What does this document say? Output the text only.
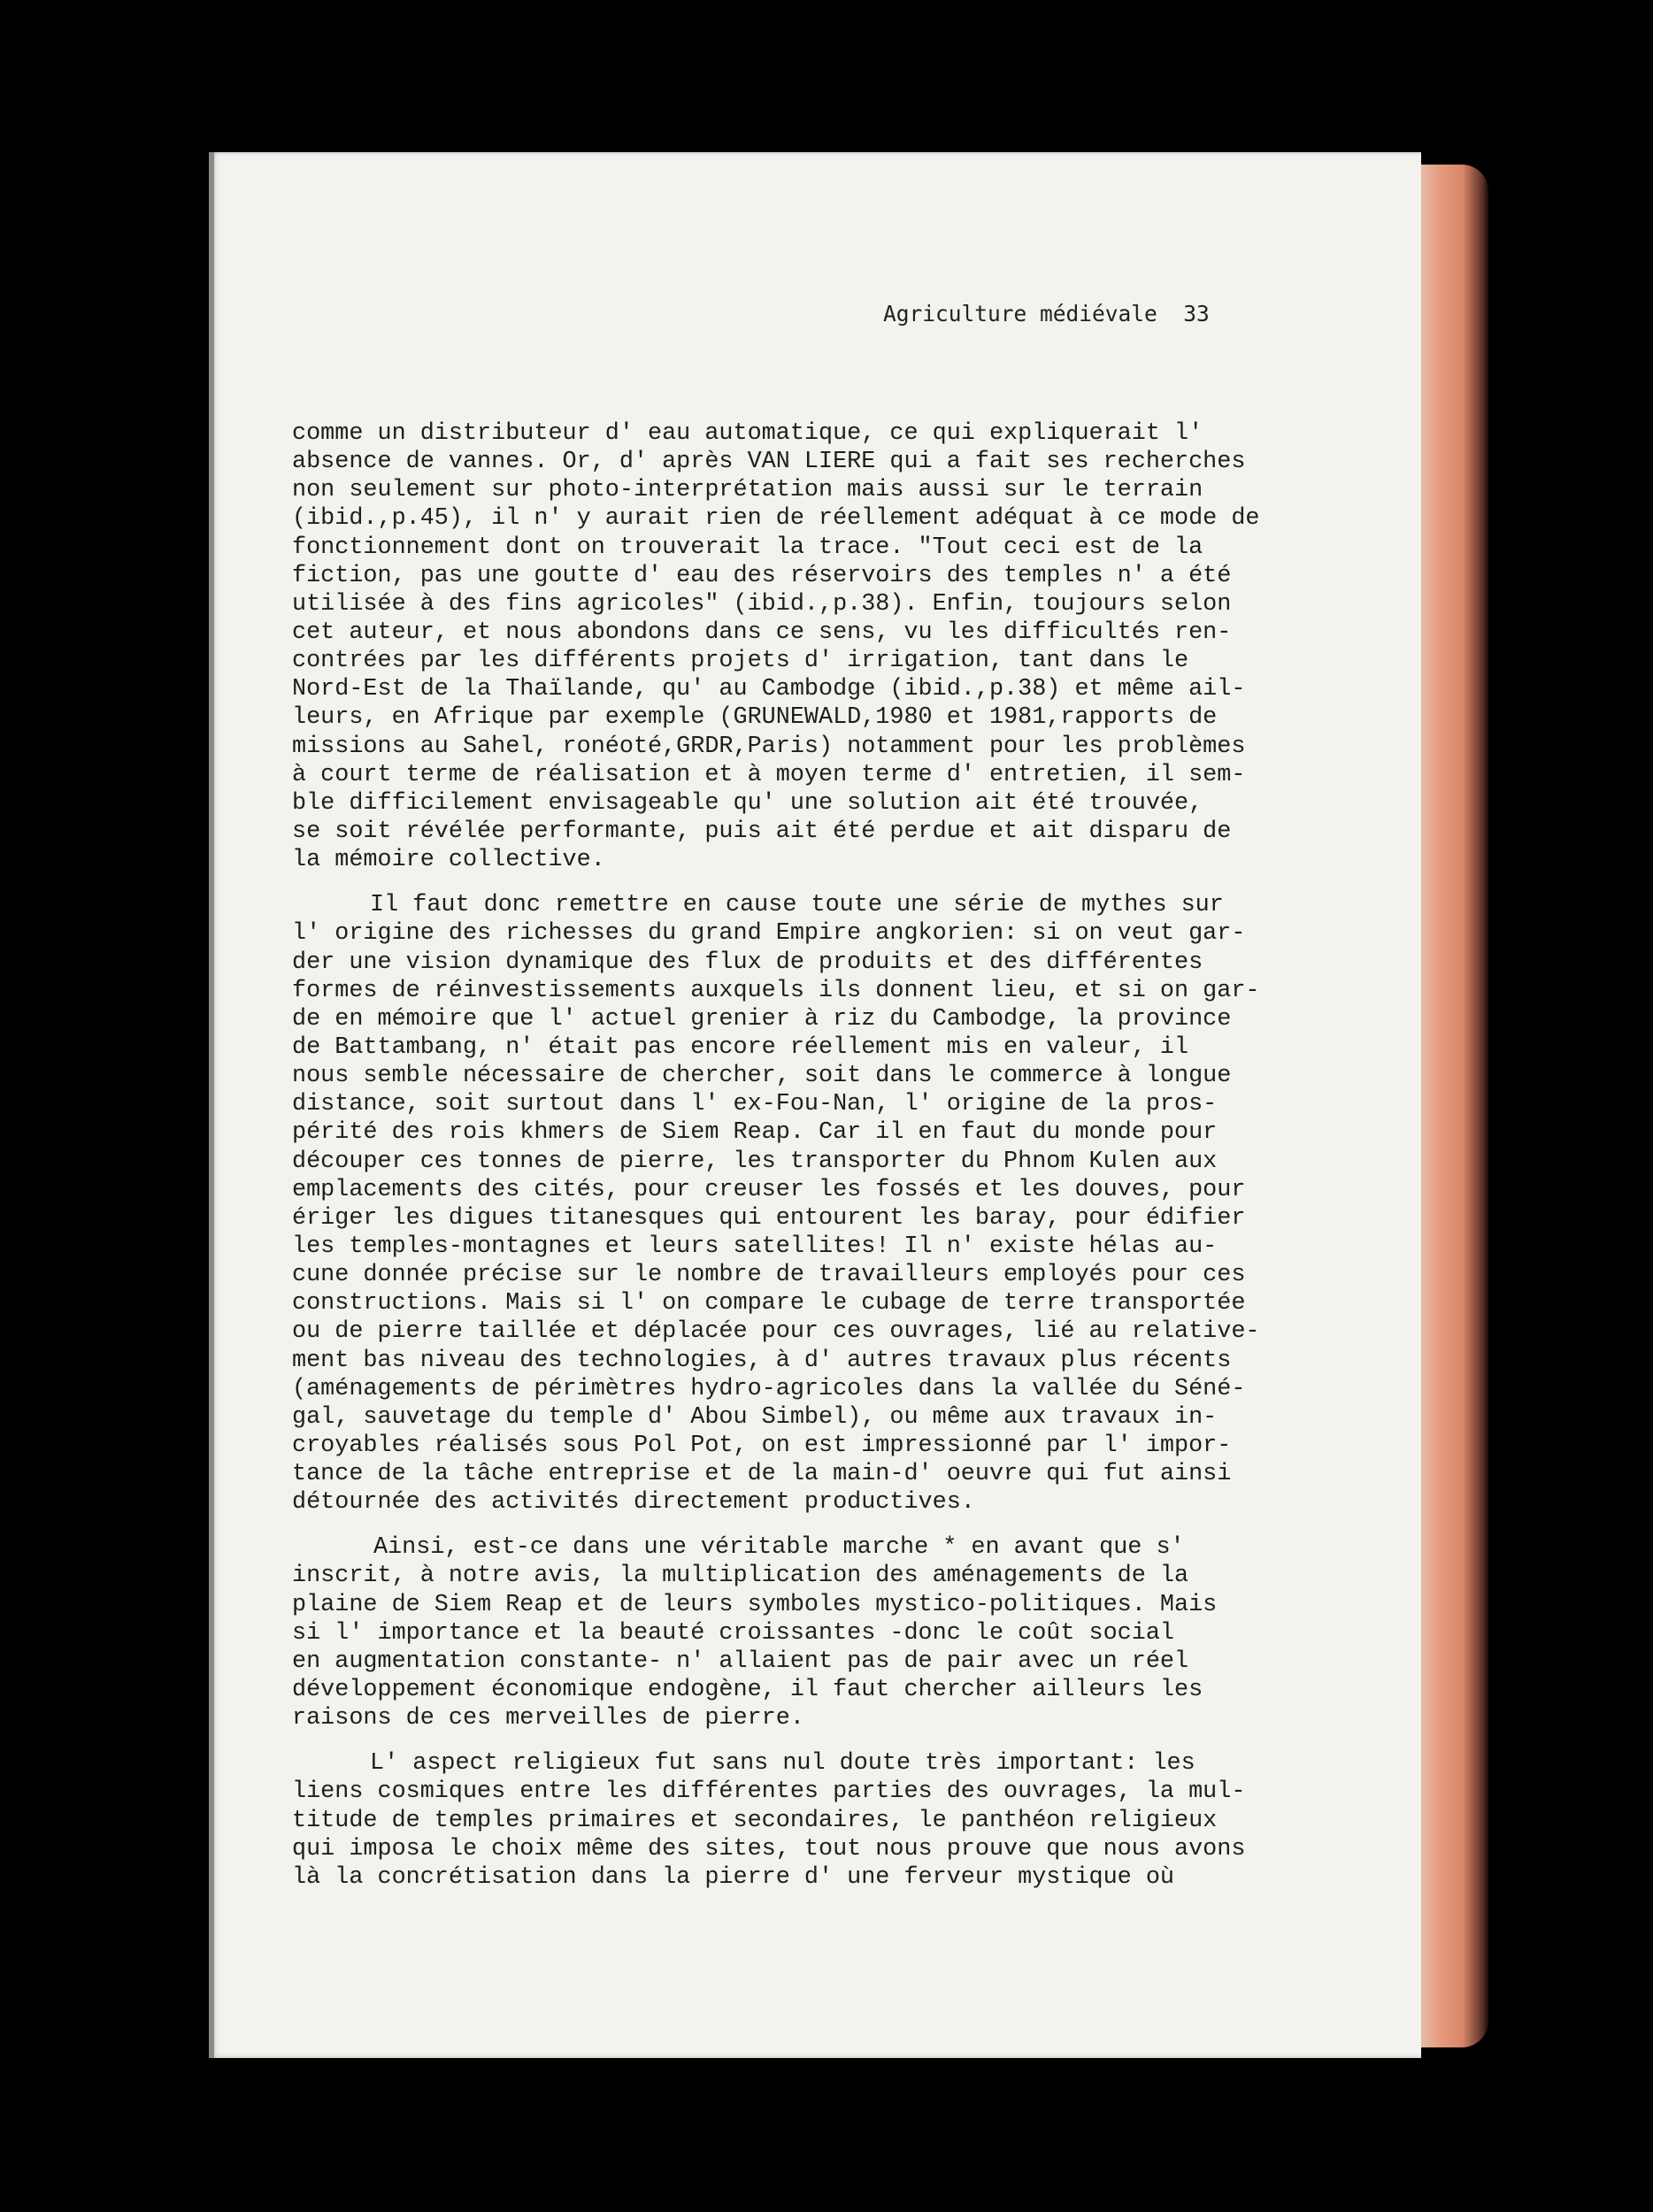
Agriculture médiévale 33

comme un distributeur d' eau automatique, ce qui expliquerait l'
absence de vannes. Or, d' après VAN LIERE qui a fait ses recherches
non seulement sur photo-interprétation mais aussi sur le terrain
(ibid.,p.45), il n' y aurait rien de réellement adéquat à ce mode de
fonctionnement dont on trouverait la trace. "Tout ceci est de la
fiction, pas une goutte d' eau des réservoirs des temples n' a été
utilisée à des fins agricoles" (ibid.,p.38). Enfin, toujours selon
cet auteur, et nous abondons dans ce sens, vu les difficultés ren-
contrées par les différents projets d' irrigation, tant dans le
Nord-Est de la Thaïlande, qu' au Cambodge (ibid.,p.38) et même ail-
leurs, en Afrique par exemple (GRUNEWALD,1980 et 1981,rapports de
missions au Sahel, ronéoté,GRDR,Paris) notamment pour les problèmes
à court terme de réalisation et à moyen terme d' entretien, il sem-
ble difficilement envisageable qu' une solution ait été trouvée,
se soit révélée performante, puis ait été perdue et ait disparu de
la mémoire collective.

Il faut donc remettre en cause toute une série de mythes sur
l' origine des richesses du grand Empire angkorien: si on veut gar-
der une vision dynamique des flux de produits et des différentes
formes de réinvestissements auxquels ils donnent lieu, et si on gar-
de en mémoire que l' actuel grenier à riz du Cambodge, la province
de Battambang, n' était pas encore réellement mis en valeur, il
nous semble nécessaire de chercher, soit dans le commerce à longue
distance, soit surtout dans l' ex-Fou-Nan, l' origine de la pros-
périté des rois khmers de Siem Reap. Car il en faut du monde pour
découper ces tonnes de pierre, les transporter du Phnom Kulen aux
emplacements des cités, pour creuser les fossés et les douves, pour
ériger les digues titanesques qui entourent les baray, pour édifier
les temples-montagnes et leurs satellites! Il n' existe hélas au-
cune donnée précise sur le nombre de travailleurs employés pour ces
constructions. Mais si l' on compare le cubage de terre transportée
ou de pierre taillée et déplacée pour ces ouvrages, lié au relative-
ment bas niveau des technologies, à d' autres travaux plus récents
(aménagements de périmètres hydro-agricoles dans la vallée du Séné-
gal, sauvetage du temple d' Abou Simbel), ou même aux travaux in-
croyables réalisés sous Pol Pot, on est impressionné par l' impor-
tance de la tâche entreprise et de la main-d' oeuvre qui fut ainsi
détournée des activités directement productives.

Ainsi, est-ce dans une véritable marche * en avant que s'
inscrit, à notre avis, la multiplication des aménagements de la
plaine de Siem Reap et de leurs symboles mystico-politiques. Mais
si l' importance et la beauté croissantes -donc le coût social
en augmentation constante- n' allaient pas de pair avec un réel
développement économique endogène, il faut chercher ailleurs les
raisons de ces merveilles de pierre.

L' aspect religieux fut sans nul doute très important: les
liens cosmiques entre les différentes parties des ouvrages, la mul-
titude de temples primaires et secondaires, le panthéon religieux
qui imposa le choix même des sites, tout nous prouve que nous avons
là la concrétisation dans la pierre d' une ferveur mystique où
